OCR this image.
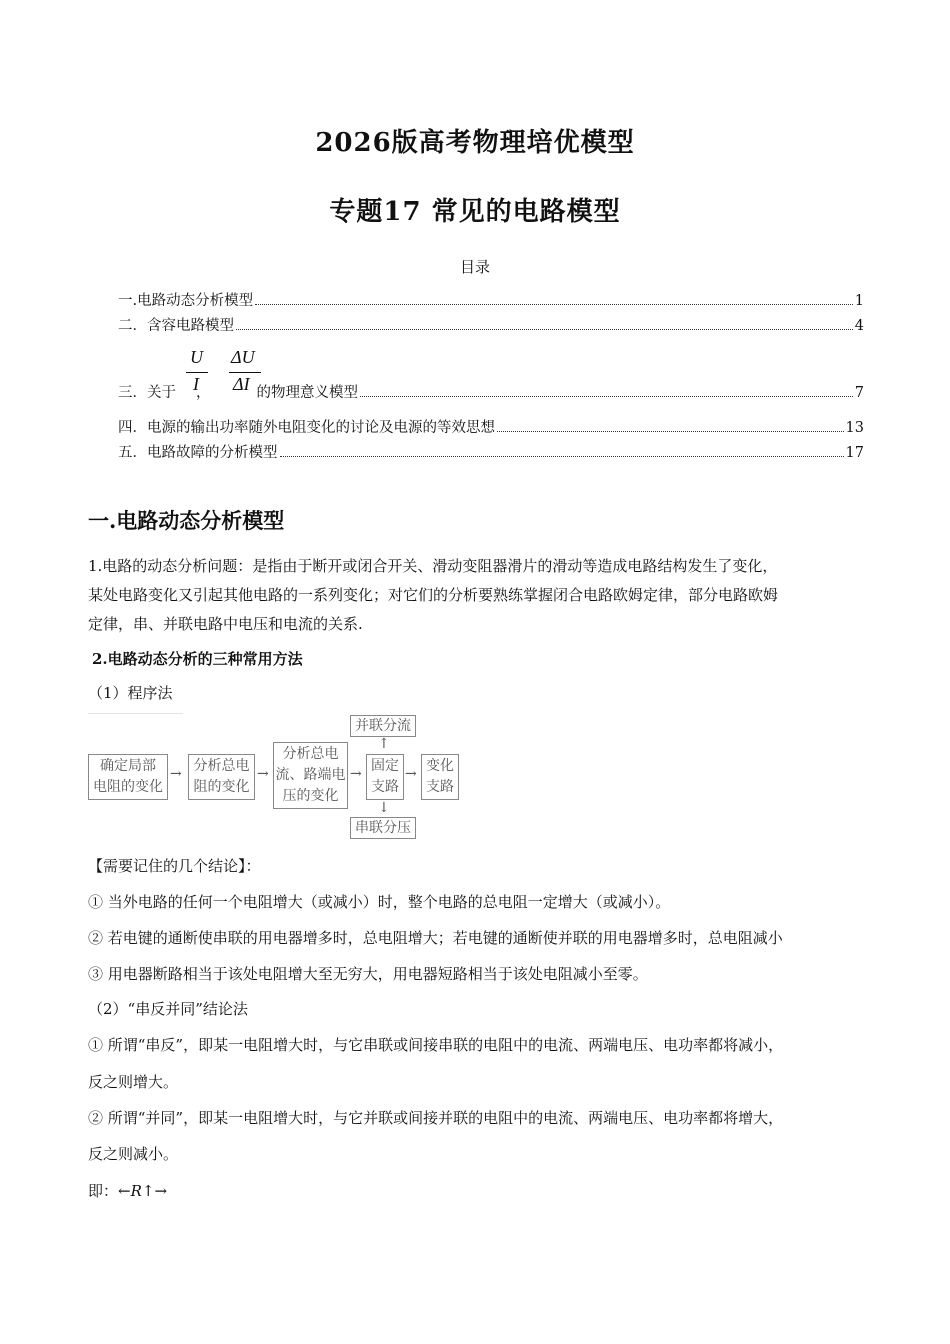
2026版高考物理培优模型
专题17 常见的电路模型
目录
一.电路动态分析模型	1
二．含容电路模型	4
U
I
ΔU
ΔI
三．关于 ，	的物理意义模型	7
四．电源的输出功率随外电阻变化的讨论及电源的等效思想	13
五．电路故障的分析模型	17
一.电路动态分析模型
1.电路的动态分析问题：是指由于断开或闭合开关、滑动变阻器滑片的滑动等造成电路结构发生了变化，
某处电路变化又引起其他电路的一系列变化；对它们的分析要熟练掌握闭合电路欧姆定律，部分电路欧姆
定律，串、并联电路中电压和电流的关系.
2.电路动态分析的三种常用方法
（1）程序法
确定局部
电阻的变化
→ 分析总电
阻的变化
→
分析总电
流、路端电
压的变化
→
并联分流
↑
固定
支路
↓
串联分压
→ 变化
支路
【需要记住的几个结论】：
① 当外电路的任何一个电阻增大（或减小）时，整个电路的总电阻一定增大（或减小）。
② 若电键的通断使串联的用电器增多时，总电阻增大；若电键的通断使并联的用电器增多时，总电阻减小
③ 用电器断路相当于该处电阻增大至无穷大，用电器短路相当于该处电阻减小至零。
（2）“串反并同”结论法
① 所谓“串反”，即某一电阻增大时，与它串联或间接串联的电阻中的电流、两端电压、电功率都将减小，
反之则增大。
② 所谓“并同”，即某一电阻增大时，与它并联或间接并联的电阻中的电流、两端电压、电功率都将增大，
反之则减小。
即：←R↑→
